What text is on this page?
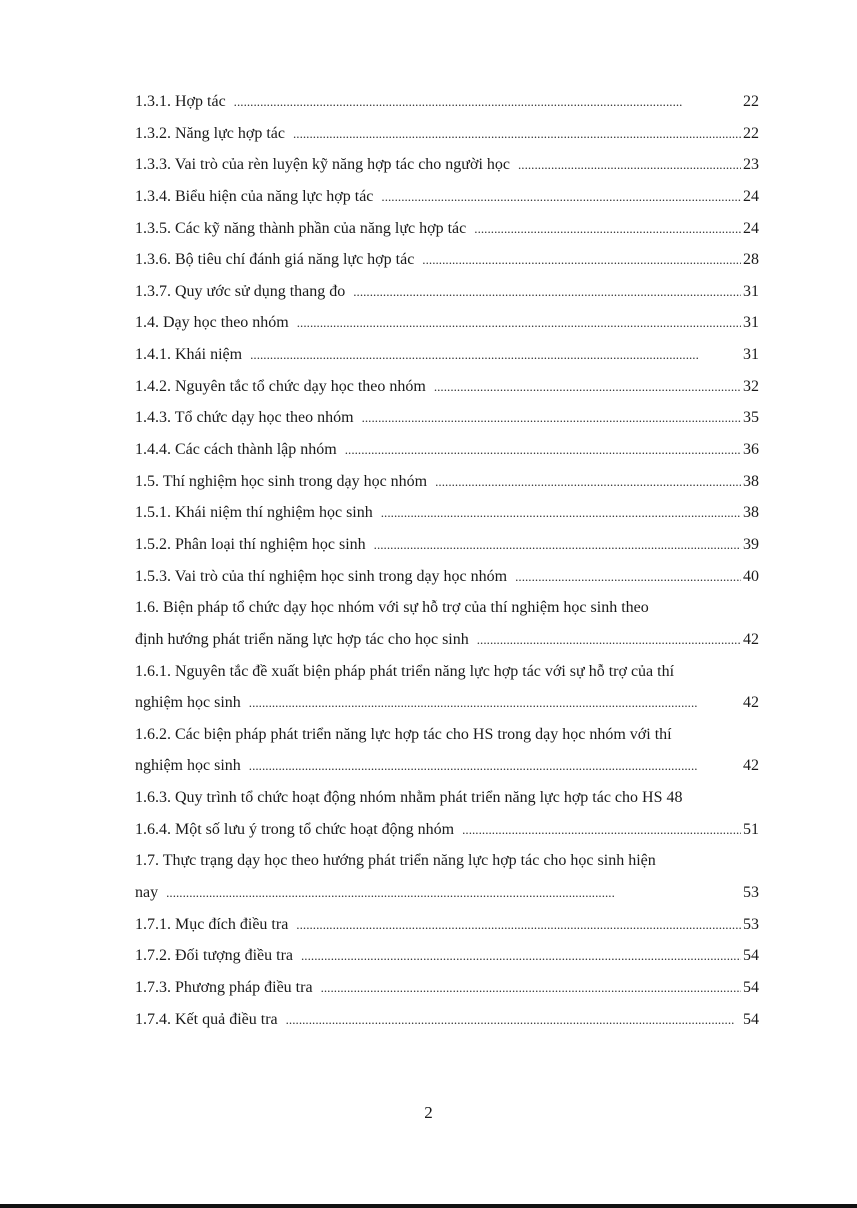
1.3.1. Hợp tác . . .	22
1.3.2. Năng lực hợp tác . . .	22
1.3.3. Vai trò của rèn luyện kỹ năng hợp tác cho người học . . .	23
1.3.4. Biểu hiện của năng lực hợp tác . . .	24
1.3.5. Các kỹ năng thành phần của năng lực hợp tác . . .	24
1.3.6. Bộ tiêu chí đánh giá năng lực hợp tác . . .	28
1.3.7. Quy ước sử dụng thang đo . . .	31
1.4. Dạy học theo nhóm . . .	31
1.4.1. Khái niệm . . .	31
1.4.2. Nguyên tắc tổ chức dạy học theo nhóm . . .	32
1.4.3. Tổ chức dạy học theo nhóm . . .	35
1.4.4. Các cách thành lập nhóm . . .	36
1.5. Thí nghiệm học sinh trong dạy học nhóm . . .	38
1.5.1. Khái niệm thí nghiệm học sinh . . .	38
1.5.2. Phân loại thí nghiệm học sinh . . .	39
1.5.3. Vai trò của thí nghiệm học sinh trong dạy học nhóm . . .	40
1.6. Biện pháp tổ chức dạy học nhóm với sự hỗ trợ của thí nghiệm học sinh theo
định hướng phát triển năng lực hợp tác cho học sinh . . .	42
1.6.1. Nguyên tắc đề xuất biện pháp phát triển năng lực hợp tác với sự hỗ trợ của thí
nghiệm học sinh . . .	42
1.6.2. Các biện pháp phát triển năng lực hợp tác cho HS trong dạy học nhóm với thí
nghiệm học sinh . . .	42
1.6.3. Quy trình tổ chức hoạt động nhóm nhằm phát triển năng lực hợp tác cho HS 48
1.6.4. Một số lưu ý trong tổ chức hoạt động nhóm . . .	51
1.7. Thực trạng dạy học theo hướng phát triển năng lực hợp tác cho học sinh hiện
nay . . .	53
1.7.1. Mục đích điều tra . . .	53
1.7.2. Đối tượng điều tra . . .	54
1.7.3. Phương pháp điều tra . . .	54
1.7.4. Kết quả điều tra . . .	54
2
